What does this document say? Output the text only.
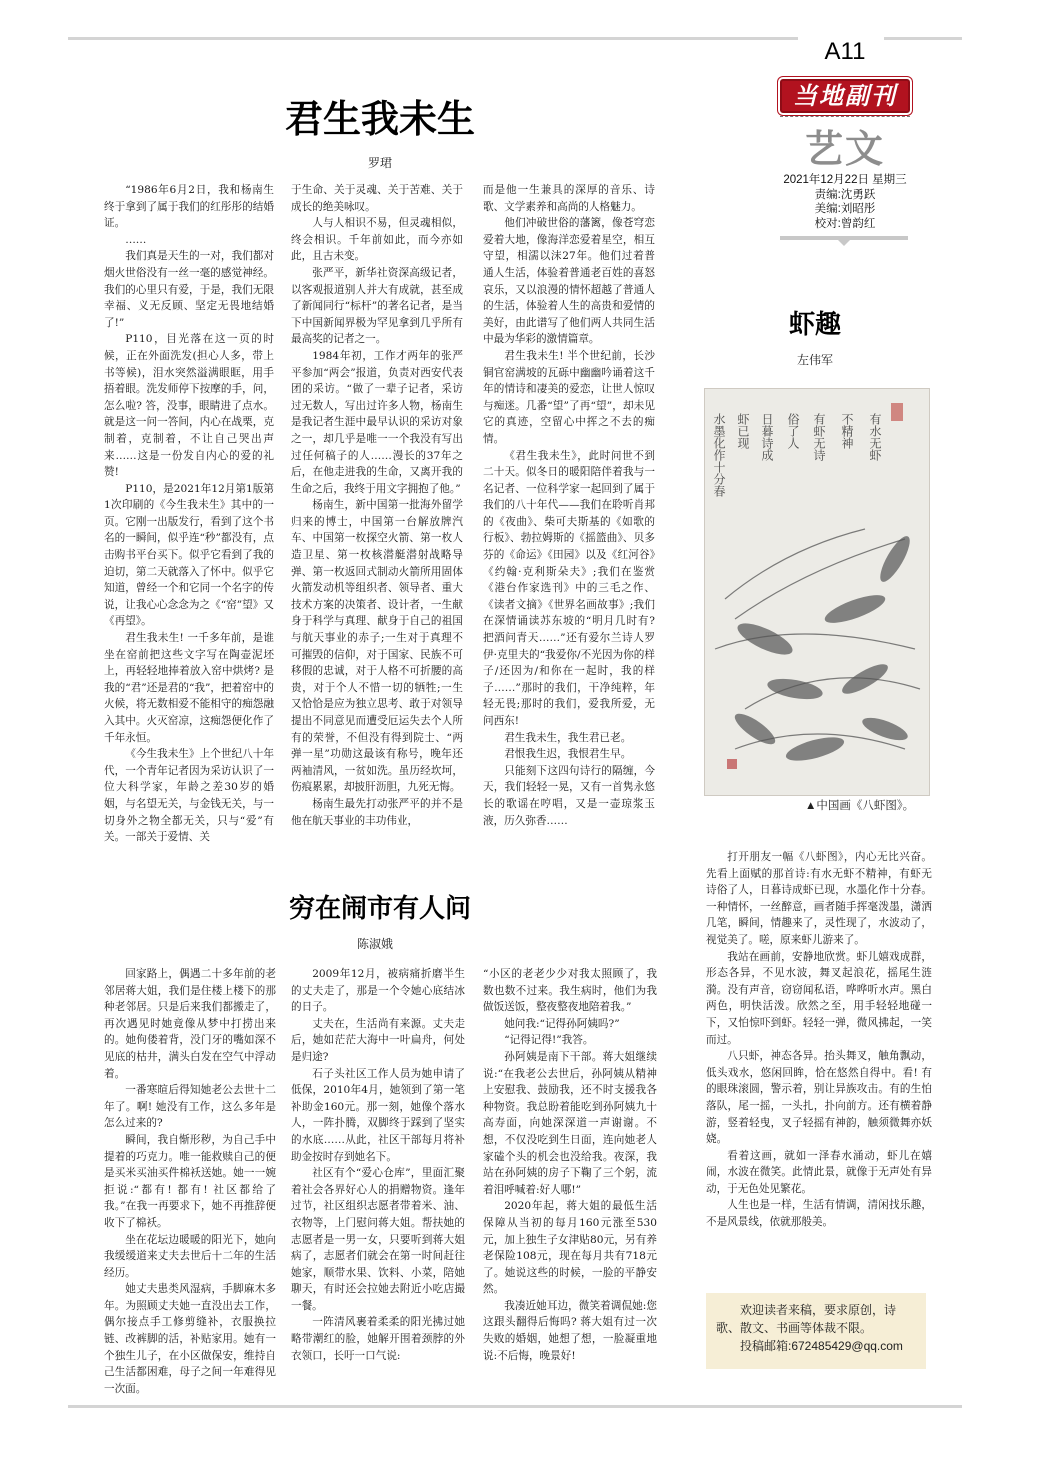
A11
当地副刊
艺文
2021年12月22日 星期三
责编:沈勇跃
美编:刘昭彤
校对:曾韵红
君生我未生
罗珺

“1986年6月2日，我和杨南生终于拿到了属于我们的红彤彤的结婚证。

……

我们真是天生的一对，我们都对烟火世俗没有一丝一毫的感觉神经。我们的心里只有爱，于是，我们无限幸福、义无反顾、坚定无畏地结婚了!”

P110，目光落在这一页的时候，正在外面洗发(担心人多，带上书等候)，泪水突然溢满眼眶，用手捂着眼。洗发师停下按摩的手，问，怎么啦? 答，没事，眼睛进了点水。就是这一问一答间，内心在战栗，克制着，克制着，不让自己哭出声来……这是一份发自内心的爱的礼赞!

P110，是2021年12月第1版第1次印刷的《今生我未生》其中的一页。它刚一出版发行，看到了这个书名的一瞬间，似乎连“秒”都没有，点击购书平台买下。似乎它看到了我的迫切，第二天就落入了怀中。似乎它知道，曾经一个和它同一个名字的传说，让我心心念念为之《“窑”望》又《再望》。

君生我未生! 一千多年前，是谁坐在窑前把这些文字写在陶壶泥坯上，再轻轻地捧着放入窑中烘烤? 是我的“君”还是君的“我”，把着窑中的火候，将无数相爱不能相守的痴怨融入其中。火灭窑凉，这痴怨便化作了千年永恒。

《今生我未生》上个世纪八十年代，一个青年记者因为采访认识了一位大科学家，年龄之差30岁的婚姻，与名望无关，与金钱无关，与一切身外之物全都无关，只与“爱”有关。一部关于爱情、关

于生命、关于灵魂、关于苦难、关于成长的绝美咏叹。

人与人相识不易，但灵魂相似，终会相识。千年前如此，而今亦如此，且古未变。

张严平，新华社资深高级记者，以客观报道别人并大有成就，甚至成了新闻同行“标杆”的著名记者，是当下中国新闻界极为罕见拿到几乎所有最高奖的记者之一。

1984年初，工作才两年的张严平参加“两会”报道，负责对西安代表团的采访。“做了一辈子记者，采访过无数人，写出过许多人物，杨南生是我记者生涯中最早认识的采访对象之一，却几乎是唯一一个我没有写出过任何稿子的人……漫长的37年之后，在他走进我的生命，又离开我的生命之后，我终于用文字拥抱了他。”

杨南生，新中国第一批海外留学归来的博士，中国第一台解放牌汽车、中国第一枚探空火箭、第一枚人造卫星、第一枚核潜艇潜射战略导弹、第一枚返回式制动火箭所用固体火箭发动机等组织者、领导者、重大技术方案的决策者、设计者，一生献身于科学与真理、献身于自己的祖国与航天事业的赤子;一生对于真理不可摧毁的信仰，对于国家、民族不可移假的忠诚，对于人格不可折腰的高贵，对于个人不惜一切的牺牲;一生又恰恰是应为独立思考、敢于对领导提出不同意见而遭受厄运失去个人所有的荣誉，不但没有得到院士、“两弹一星”功勋这最该有称号，晚年还两袖清风，一贫如洗。虽历经坎坷，伤痕累累，却披肝沥胆，九死无悔。

杨南生最先打动张严平的并不是他在航天事业的丰功伟业，

而是他一生兼具的深厚的音乐、诗歌、文学素养和高尚的人格魅力。

他们冲破世俗的藩篱，像苍穹恋爱着大地，像海洋恋爱着星空，相互守望，相濡以沫27年。他们过着普通人生活，体验着普通老百姓的喜怒哀乐，又以浪漫的情怀超越了普通人的生活，体验着人生的高贵和爱情的美好，由此谱写了他们两人共同生活中最为华彩的激情篇章。

君生我未生! 半个世纪前，长沙铜官窑满坡的瓦砾中幽幽吟诵着这千年的情诗和凄美的爱恋，让世人惊叹与痴迷。几番“望”了再“望”，却未见它的真迹，空留心中挥之不去的痴情。

《君生我未生》，此时问世不到二十天。似冬日的暖阳陪伴着我与一名记者、一位科学家一起回到了属于我们的八十年代——我们在聆听肖邦的《夜曲》、柴可夫斯基的《如歌的行板》、勃拉姆斯的《摇篮曲》、贝多芬的《命运》《田园》以及《红河谷》《约翰·克利斯朵夫》;我们在鉴赏《港台作家选刊》中的三毛之作、《读者文摘》《世界名画故事》;我们在深情诵读苏东坡的“明月几时有? 把酒问青天……”还有爱尔兰诗人罗伊·克里夫的“我爱你/不光因为你的样子/还因为/和你在一起时，我的样子……”那时的我们，干净纯粹，年轻无畏;那时的我们，爱我所爱，无问西东!

君生我未生，我生君已老。

君恨我生迟，我恨君生早。

只能刻下这四句诗行的隔缠，今天，我们轻轻一晃，又有一首隽永悠长的歌谣在哼唱，又是一壶琼浆玉液，历久弥香……

穷在闹市有人问
陈淑娥

回家路上，偶遇二十多年前的老邻居蒋大姐，我们是住楼上楼下的那种老邻居。只是后来我们都搬走了，再次遇见时她竟像从梦中打捞出来的。她佝偻着背，没门牙的嘴如深不见底的枯井，满头白发在空气中浮动着。

一番寒暄后得知她老公去世十二年了。啊! 她没有工作，这么多年是怎么过来的?

瞬间，我自惭形秽，为自己手中提着的巧克力。唯一能救赎自己的便是买米买油买件棉袄送她。她一一婉拒说:“都有! 都有! 社区都给了我。”在我一再要求下，她不再推辞便收下了棉袄。

坐在花坛边暖暖的阳光下，她向我缓缓道来丈夫去世后十二年的生活经历。

她丈夫患类风湿病，手脚麻木多年。为照顾丈夫她一直没出去工作，偶尔接点手工修剪缝补，衣服换拉链、改裤脚的活，补贴家用。她有一个独生儿子，在小区做保安，维持自己生活都困难，母子之间一年难得见一次面。

2009年12月，被病痛折磨半生的丈夫走了，那是一个令她心底结冰的日子。

丈夫在，生活尚有来源。丈夫走后，她如茫茫大海中一叶扁舟，何处是归途?

石子头社区工作人员为她申请了低保，2010年4月，她领到了第一笔补助金160元。那一刻，她像个落水人，一阵扑腾，双脚终于踩到了坚实的水底……从此，社区干部每月将补助金按时存到她名下。

社区有个“爱心仓库”，里面汇聚着社会各界好心人的捐赠物资。逢年过节，社区组织志愿者带着米、油、衣物等，上门慰问蒋大姐。帮扶她的志愿者是一男一女，只要听到蒋大姐病了，志愿者们就会在第一时间赶往她家，顺带水果、饮料、小菜，陪她聊天，有时还会拉她去附近小吃店撮一餐。

一阵清风裹着柔柔的阳光拂过她略带潮红的脸，她解开围着颈脖的外衣领口，长吁一口气说:

“小区的老老少少对我太照顾了，我数也数不过来。我生病时，他们为我做饭送饭，整夜整夜地陪着我。”

她问我:“记得孙阿姨吗?”

“记得记得!”我答。

孙阿姨是南下干部。蒋大姐继续说:“在我老公去世后，孙阿姨从精神上安慰我、鼓励我，还不时支援我各种物资。我总盼着能吃到孙阿姨九十高寿面，向她深深道一声谢谢。不想，不仅没吃到生日面，连向她老人家磕个头的机会也没给我。夜深，我站在孙阿姨的房子下鞠了三个躬，流着泪呼喊着:好人哪!”

2020年起，蒋大姐的最低生活保障从当初的每月160元涨至530元，加上独生子女津贴80元，另有养老保险108元，现在每月共有718元了。她说这些的时候，一脸的平静安然。

我凑近她耳边，微笑着调侃她:您这跟头翻得后悔吗? 蒋大姐有过一次失败的婚姻，她想了想，一脸凝重地说:不后悔，晚景好!

虾趣
左伟军
有水无虾
不精神
有虾无诗
俗了人
日暮诗成
虾已现
水墨化作十分春
▲中国画《八虾图》。

打开朋友一幅《八虾图》，内心无比兴奋。先看上面赋的那首诗:有水无虾不精神，有虾无诗俗了人，日暮诗成虾已现，水墨化作十分春。一种情怀，一丝醉意，画者随手挥毫泼墨，潇洒几笔，瞬间，情趣来了，灵性现了，水波动了，视觉美了。嗟，原来虾儿游来了。

我站在画前，安静地欣赏。虾儿嬉戏成群，形态各异，不见水波，舞叉起浪花，摇尾生涟漪。没有声音，窃窃闻私语，哗哗听水声。黑白两色，明快活泼。欣然之至，用手轻轻地碰一下，又怕惊吓到虾。轻轻一弹，微风拂起，一笑而过。

八只虾，神态各异。抬头舞叉，触角飘动，低头戏水，悠闲回眸，恰在悠然自得中。看! 有的眼珠滚圆，警示着，别让异族攻击。有的生怕落队，尾一摇，一头扎，扑向前方。还有横着静游，竖着轻曳，叉子轻摇有神韵，触须微舞亦妖娆。

看着这画，就如一泽春水涌动，虾儿在嬉闹，水波在微笑。此情此景，就像于无声处有异动，于无色处见繁花。

人生也是一样，生活有情调，清闲找乐趣，不是风景线，依就那般美。

欢迎读者来稿，要求原创，诗歌、散文、书画等体裁不限。

投稿邮箱:672485429@qq.com
